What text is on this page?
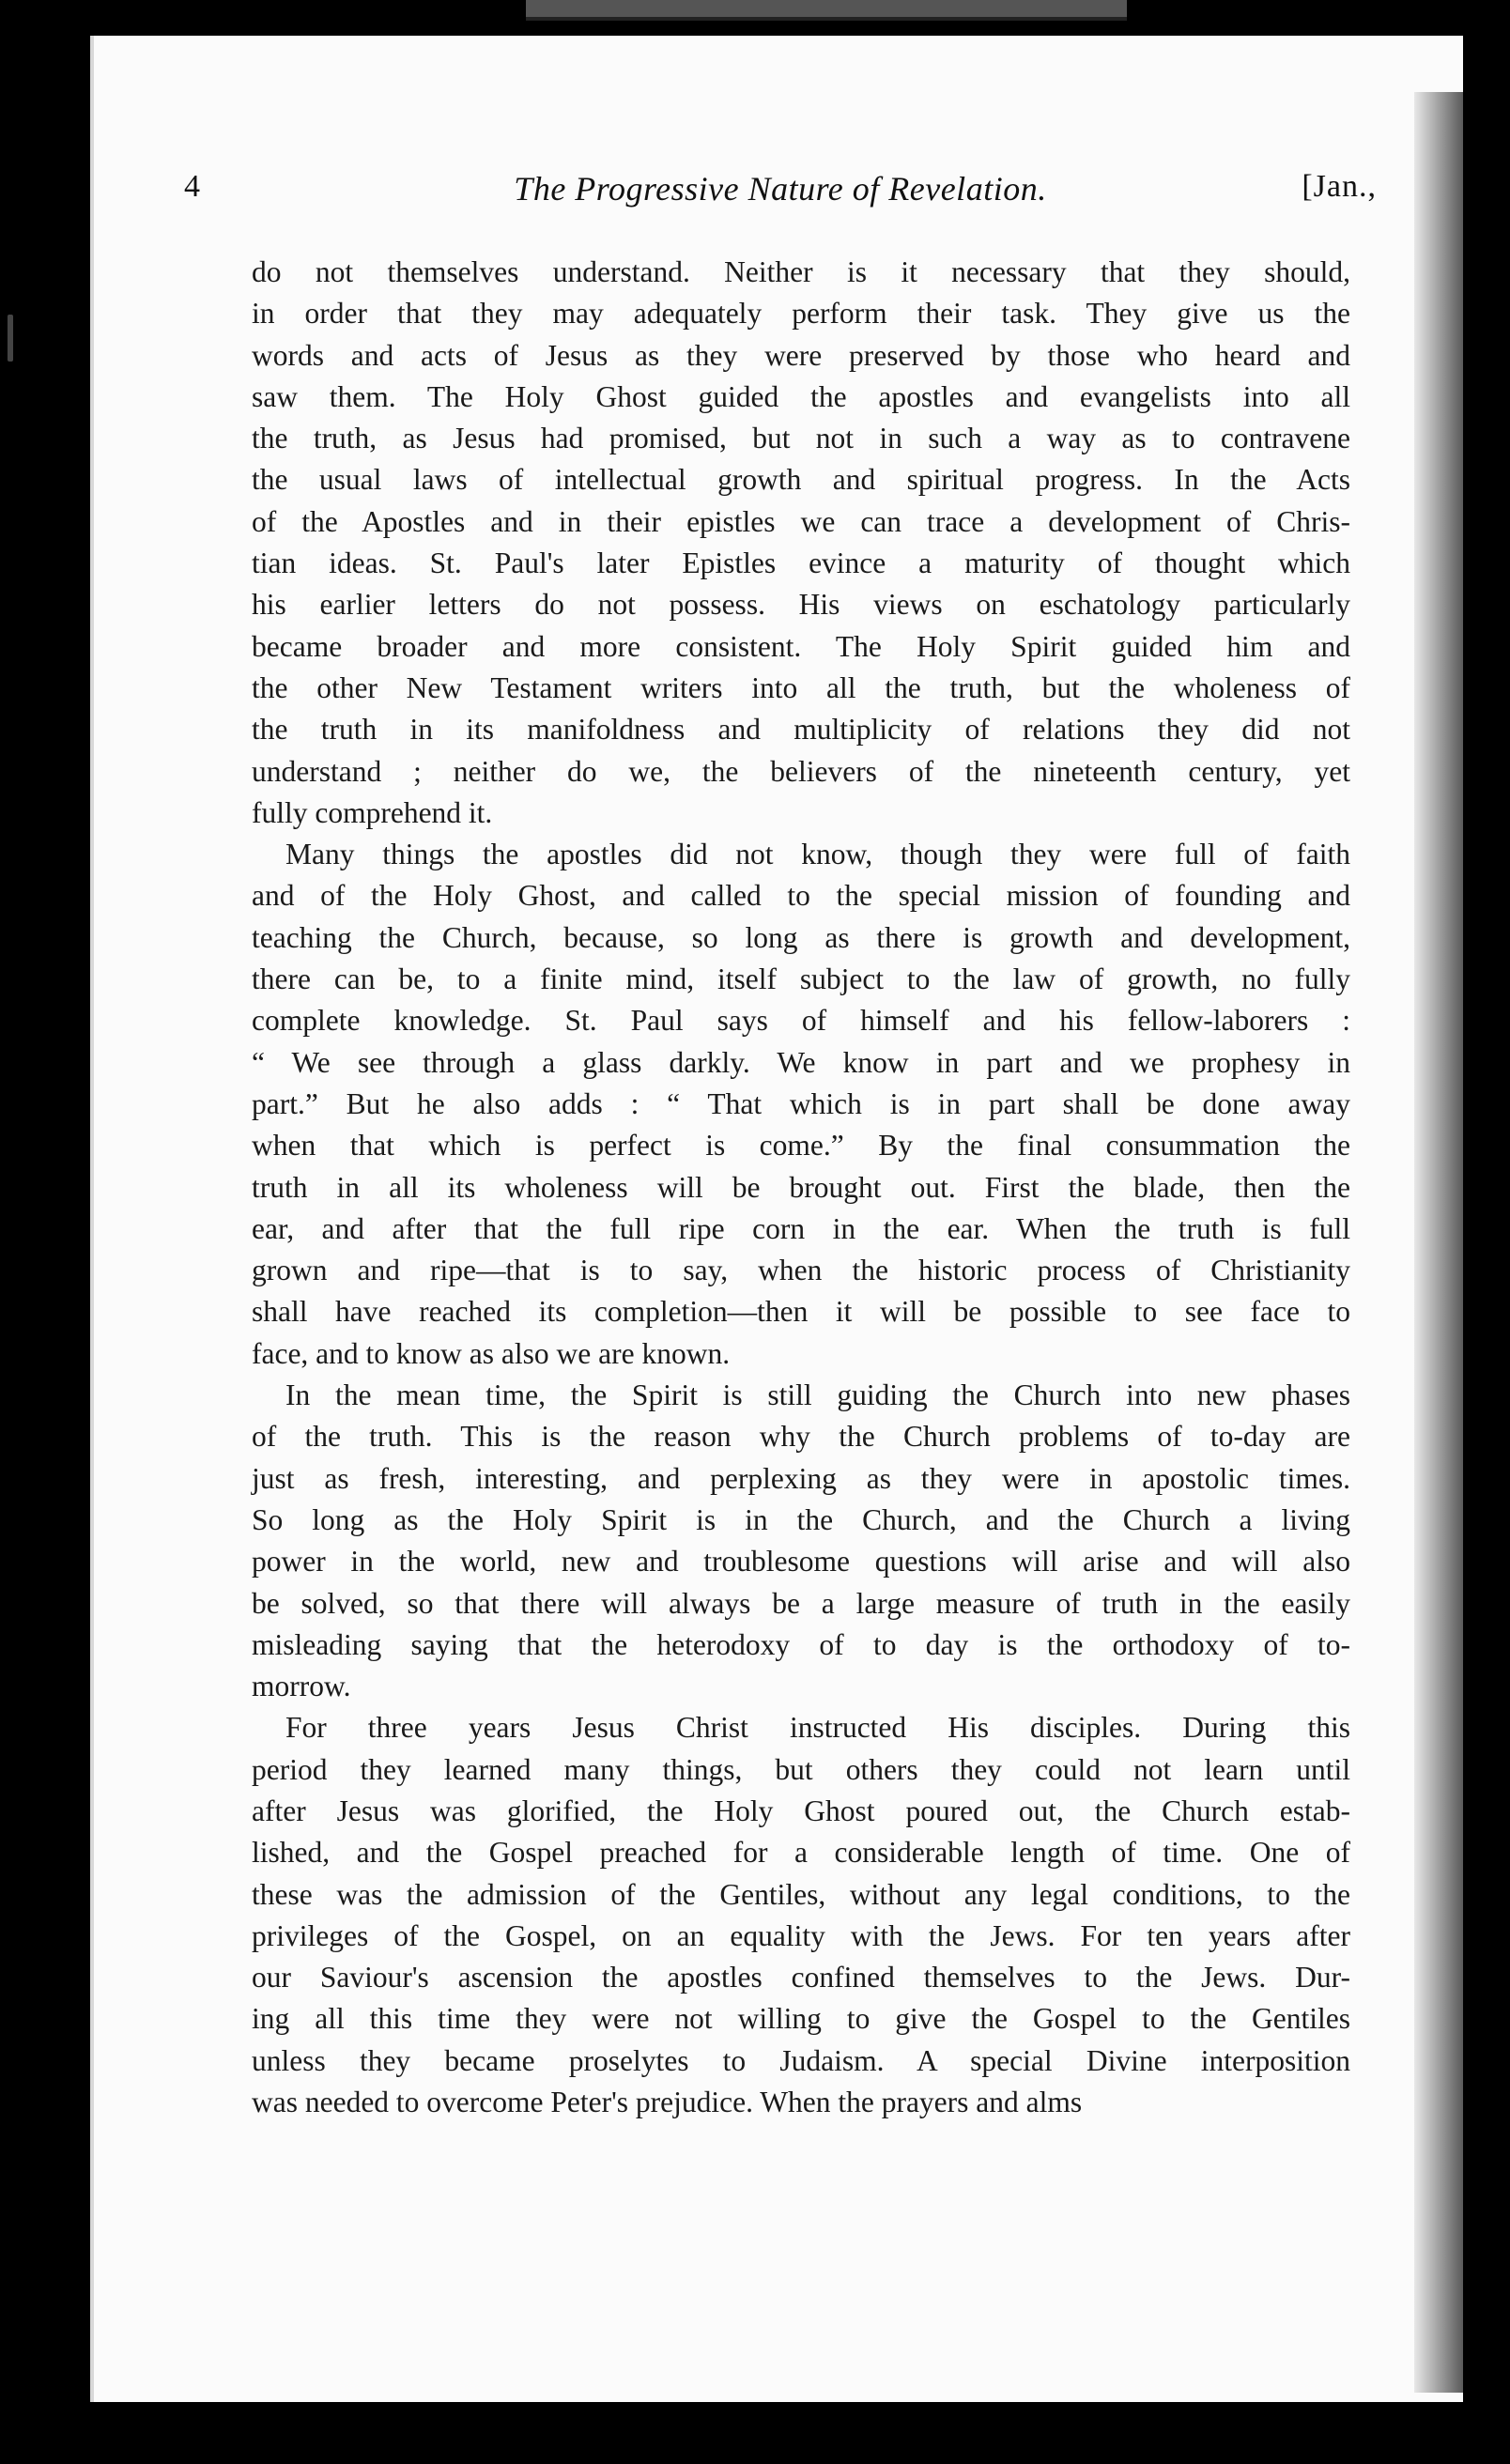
4	The Progressive Nature of Revelation.	[Jan.,

do not themselves understand. Neither is it necessary that they should,
in order that they may adequately perform their task. They give us the
words and acts of Jesus as they were preserved by those who heard and
saw them. The Holy Ghost guided the apostles and evangelists into all
the truth, as Jesus had promised, but not in such a way as to contravene
the usual laws of intellectual growth and spiritual progress. In the Acts
of the Apostles and in their epistles we can trace a development of Chris-
tian ideas. St. Paul's later Epistles evince a maturity of thought which
his earlier letters do not possess. His views on eschatology particularly
became broader and more consistent. The Holy Spirit guided him and
the other New Testament writers into all the truth, but the wholeness of
the truth in its manifoldness and multiplicity of relations they did not
understand ; neither do we, the believers of the nineteenth century, yet
fully comprehend it.

Many things the apostles did not know, though they were full of faith
and of the Holy Ghost, and called to the special mission of founding and
teaching the Church, because, so long as there is growth and development,
there can be, to a finite mind, itself subject to the law of growth, no fully
complete knowledge. St. Paul says of himself and his fellow-laborers :
“ We see through a glass darkly. We know in part and we prophesy in
part.” But he also adds : “ That which is in part shall be done away
when that which is perfect is come.” By the final consummation the
truth in all its wholeness will be brought out. First the blade, then the
ear, and after that the full ripe corn in the ear. When the truth is full
grown and ripe—that is to say, when the historic process of Christianity
shall have reached its completion—then it will be possible to see face to
face, and to know as also we are known.

In the mean time, the Spirit is still guiding the Church into new phases
of the truth. This is the reason why the Church problems of to-day are
just as fresh, interesting, and perplexing as they were in apostolic times.
So long as the Holy Spirit is in the Church, and the Church a living
power in the world, new and troublesome questions will arise and will also
be solved, so that there will always be a large measure of truth in the easily
misleading saying that the heterodoxy of to day is the orthodoxy of to-
morrow.

For three years Jesus Christ instructed His disciples. During this
period they learned many things, but others they could not learn until
after Jesus was glorified, the Holy Ghost poured out, the Church estab-
lished, and the Gospel preached for a considerable length of time. One of
these was the admission of the Gentiles, without any legal conditions, to the
privileges of the Gospel, on an equality with the Jews. For ten years after
our Saviour's ascension the apostles confined themselves to the Jews. Dur-
ing all this time they were not willing to give the Gospel to the Gentiles
unless they became proselytes to Judaism. A special Divine interposition
was needed to overcome Peter's prejudice. When the prayers and alms
